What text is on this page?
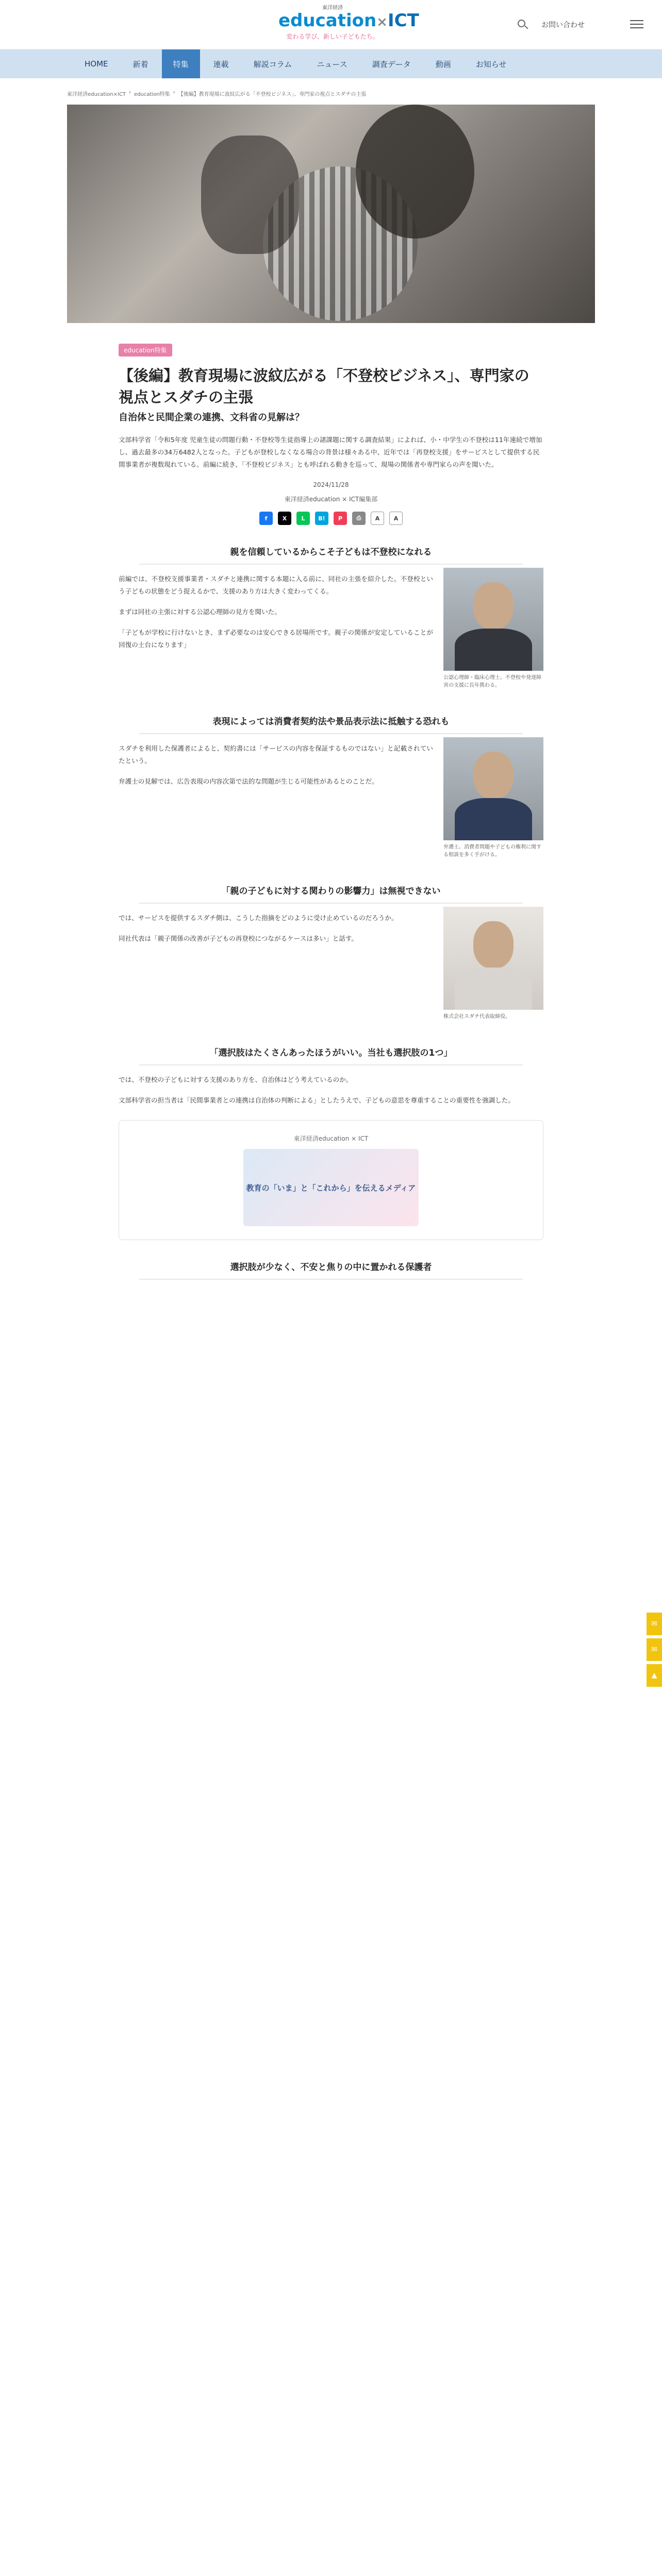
東洋経済
education×ICT
変わる学び、新しい子どもたち。
お問い合わせ
HOME	新着	特集	連載	解説コラム	ニュース	調査データ	動画	お知らせ
東洋経済education×ICT › education特集 › 【後編】教育現場に波紋広がる「不登校ビジネス」、専門家の視点とスダチの主張
education特集
【後編】教育現場に波紋広がる「不登校ビジネス」、専門家の視点とスダチの主張
自治体と民間企業の連携、文科省の見解は？

文部科学省「令和5年度 児童生徒の問題行動・不登校等生徒指導上の諸課題に関する調査結果」によれば、小・中学生の不登校は11年連続で増加し、過去最多の34万6482人となった。子どもが登校しなくなる場合の背景は様々ある中、近年では「再登校支援」をサービスとして提供する民間事業者が複数現れている。前編に続き、「不登校ビジネス」とも呼ばれる動きを巡って、現場の関係者や専門家らの声を聞いた。

2024/11/28
東洋経済education × ICT編集部
f	X	L	B!	P	⎙	A	A
親を信頼しているからこそ子どもは不登校になれる
公認心理師・臨床心理士。不登校や発達障害の支援に長年携わる。

前編では、不登校支援事業者・スダチと連携に関する本題に入る前に、同社の主張を紹介した。不登校という子どもの状態をどう捉えるかで、支援のあり方は大きく変わってくる。

まずは同社の主張に対する公認心理師の見方を聞いた。

「子どもが学校に行けないとき、まず必要なのは安心できる居場所です。親子の関係が安定していることが回復の土台になります」

表現によっては消費者契約法や景品表示法に抵触する恐れも
弁護士。消費者問題や子どもの権利に関する相談を多く手がける。

スダチを利用した保護者によると、契約書には「サービスの内容を保証するものではない」と記載されていたという。

弁護士の見解では、広告表現の内容次第で法的な問題が生じる可能性があるとのことだ。

「親の子どもに対する関わりの影響力」は無視できない
株式会社スダチ代表取締役。

では、サービスを提供するスダチ側は、こうした指摘をどのように受け止めているのだろうか。

同社代表は「親子関係の改善が子どもの再登校につながるケースは多い」と話す。

「選択肢はたくさんあったほうがいい。当社も選択肢の1つ」

では、不登校の子どもに対する支援のあり方を、自治体はどう考えているのか。

文部科学省の担当者は「民間事業者との連携は自治体の判断による」としたうえで、子どもの意思を尊重することの重要性を強調した。

東洋経済education × ICT
教育の「いま」と「これから」を伝えるメディア
選択肢が少なく、不安と焦りの中に置かれる保護者
✉
✉
▲
